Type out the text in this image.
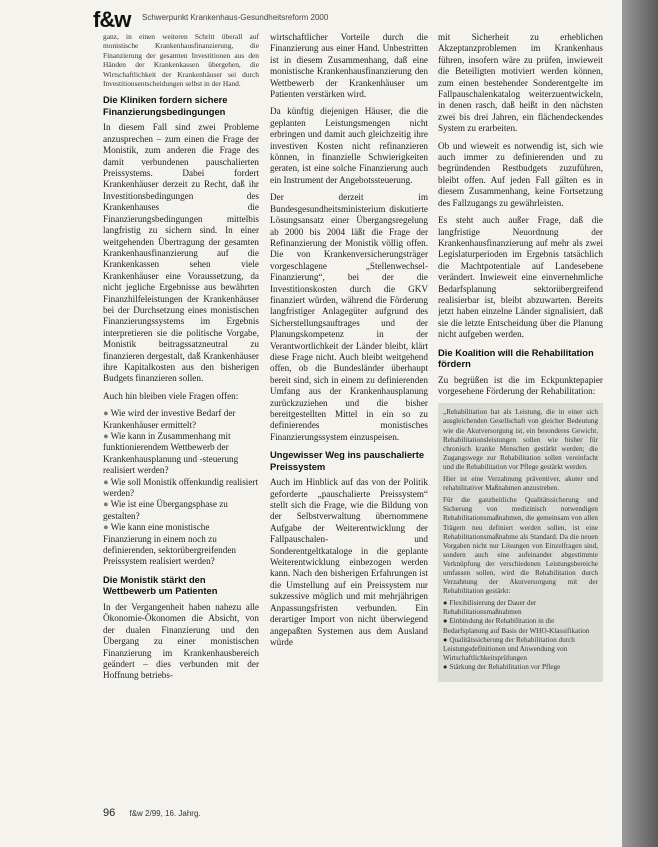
f&w Schwerpunkt Krankenhaus-Gesundheitsreform 2000

ganz, in einen weiteren Schritt überall auf monistische Krankenhausfinanzierung, die Finanzierung der gesamten Investitionen aus den Händen der Krankenkassen übergehen, die Wirtschaftlichkeit der Krankenhäuser sei durch Investitionsentscheidungen selbst in der Hand.

Die Kliniken fordern sichere Finanzierungsbedingungen

In diesem Fall sind zwei Probleme anzusprechen – zum einen die Frage der Monistik, zum anderen die Frage des damit verbundenen pauschalierten Preissystems. Dabei fordert Krankenhäuser derzeit zu Recht, daß ihr Investitionsbedingungen des Krankenhauses die Finanzierungsbedingungen mittelbis langfristig zu sichern sind. In einer weitgehenden Übertragung der gesamten Krankenhausfinanzierung auf die Krankenkassen sehen viele Krankenhäuser eine Voraussetzung, da nicht jegliche Ergebnisse aus bewährten Finanzhilfeleistungen der Krankenhäuser bei der Durchsetzung eines monistischen Finanzierungssystems im Ergebnis interpretieren sie die politische Vorgabe, Monistik beitragssatzneutral zu finanzieren dergestalt, daß Krankenhäuser ihre Kapitalkosten aus den bisherigen Budgets finanzieren sollen.

Auch hin bleiben viele Fragen offen:

● Wie wird der investive Bedarf der Krankenhäuser ermittelt?
● Wie kann in Zusammenhang mit funktionierendem Wettbewerb der Krankenhausplanung und -steuerung realisiert werden?
● Wie soll Monistik offenkundig realisiert werden?
● Wie ist eine Übergangsphase zu gestalten?
● Wie kann eine monistische Finanzierung in einem noch zu definierenden, sektorübergreifenden Preissystem realisiert werden?
Die Monistik stärkt den Wettbewerb um Patienten

In der Vergangenheit haben nahezu alle Ökonomie-Ökonomen die Absicht, von der dualen Finanzierung und den Übergang zu einer monistischen Finanzierung im Krankenhausbereich geändert – dies verbunden mit der Hoffnung betriebs-

wirtschaftlicher Vorteile durch die Finanzierung aus einer Hand. Unbestritten ist in diesem Zusammenhang, daß eine monistische Krankenhausfinanzierung den Wettbewerb der Krankenhäuser um Patienten verstärken wird.

Da künftig diejenigen Häuser, die die geplanten Leistungsmengen nicht erbringen und damit auch gleichzeitig ihre investiven Kosten nicht refinanzieren können, in finanzielle Schwierigkeiten geraten, ist eine solche Finanzierung auch ein Instrument der Angebotssteuerung.

Der derzeit im Bundesgesundheitsministerium diskutierte Lösungsansatz einer Übergangsregelung ab 2000 bis 2004 läßt die Frage der Refinanzierung der Monistik völlig offen. Die von Krankenversicherungsträger vorgeschlagene „Stellenwechsel-Finanzierung“, bei der die Investitionskosten durch die GKV finanziert würden, während die Förderung langfristiger Anlagegüter aufgrund des Sicherstellungsauftrages und der Planungskompetenz in der Verantwortlichkeit der Länder bleibt, klärt diese Frage nicht. Auch bleibt weitgehend offen, ob die Bundesländer überhaupt bereit sind, sich in einem zu definierenden Umfang aus der Krankenhausplanung zurückzuziehen und die bisher bereitgestellten Mittel in ein so zu definierendes monistisches Finanzierungssystem einzuspeisen.

Ungewisser Weg ins pauschalierte Preissystem

Auch im Hinblick auf das von der Politik geforderte „pauschalierte Preissystem“ stellt sich die Frage, wie die Bildung von der Selbstverwaltung übernommene Aufgabe der Weiterentwicklung der Fallpauschalen- und Sonderentgeltkataloge in die geplante Weiterentwicklung einbezogen werden kann. Nach den bisherigen Erfahrungen ist die Umstellung auf ein Preissystem nur sukzessive möglich und mit mehrjährigen Anpassungsfristen verbunden. Ein derartiger Import von nicht überwiegend angepaßten Systemen aus dem Ausland würde

mit Sicherheit zu erheblichen Akzeptanzproblemen im Krankenhaus führen, insofern wäre zu prüfen, inwieweit die Beteiligten motiviert werden können, zum einen bestehender Sonderentgelte im Fallpauschalenkatalog weiterzuentwickeln, in denen rasch, daß heißt in den nächsten zwei bis drei Jahren, ein flächendeckendes System zu erarbeiten.

Ob und wieweit es notwendig ist, sich wie auch immer zu definierenden und zu begründenden Restbudgets zuzuführen, bleibt offen. Auf jeden Fall gälten es in diesem Zusammenhang, keine Fortsetzung des Fallzugangs zu gewährleisten.

Es steht auch außer Frage, daß die langfristige Neuordnung der Krankenhausfinanzierung auf mehr als zwei Legislaturperioden im Ergebnis tatsächlich die Machtpotentiale auf Landesebene verändert. Inwieweit eine einvernehmliche Bedarfsplanung sektorübergreifend realisierbar ist, bleibt abzuwarten. Bereits jetzt haben einzelne Länder signalisiert, daß sie die letzte Entscheidung über die Planung nicht aufgeben werden.

Die Koalition will die Rehabilitation fördern

Zu begrüßen ist die im Eckpunktepapier vorgesehene Förderung der Rehabilitation:

„Rehabilitation hat als Leistung, die in einer sich ausgleichenden Gesellschaft von gleicher Bedeutung wie die Akutversorgung ist, ein besonderes Gewicht. Rehabilitationsleistungen sollen wie bisher für chronisch kranke Menschen gestärkt werden; die Zugangswege zur Rehabilitation sollen vereinfacht und die Rehabilitation vor Pflege gestärkt werden.

Hier ist eine Verzahnung präventiver, akuter und rehabilitativer Maßnahmen anzustreben.

Für die ganzheitliche Qualitätssicherung und Sicherung von medizinisch notwendigen Rehabilitationsmaßnahmen, die gemeinsam von allen Trägern neu definiert werden sollen, ist eine Rehabilitationsmaßnahme als Standard. Da die neuen Vorgaben nicht nur Lösungen von Einzelfragen sind, sondern auch eine aufeinander abgestimmte Verknüpfung der verschiedenen Leistungsbereiche umfassen sollen, wird die Rehabilitation durch Verzahnung der Akutversorgung mit der Rehabilitation gestärkt:

● Flexibilisierung der Dauer der Rehabilitationsmaßnahmen
● Einbindung der Rehabilitation in die Bedarfsplanung auf Basis der WHO-Klassifikation
● Qualitätssicherung der Rehabilitation durch Leistungsdefinitionen und Anwendung von Wirtschaftlichkeitsprüfungen
● Stärkung der Rehabilitation vor Pflege
96 f&w 2/99, 16. Jahrg.
